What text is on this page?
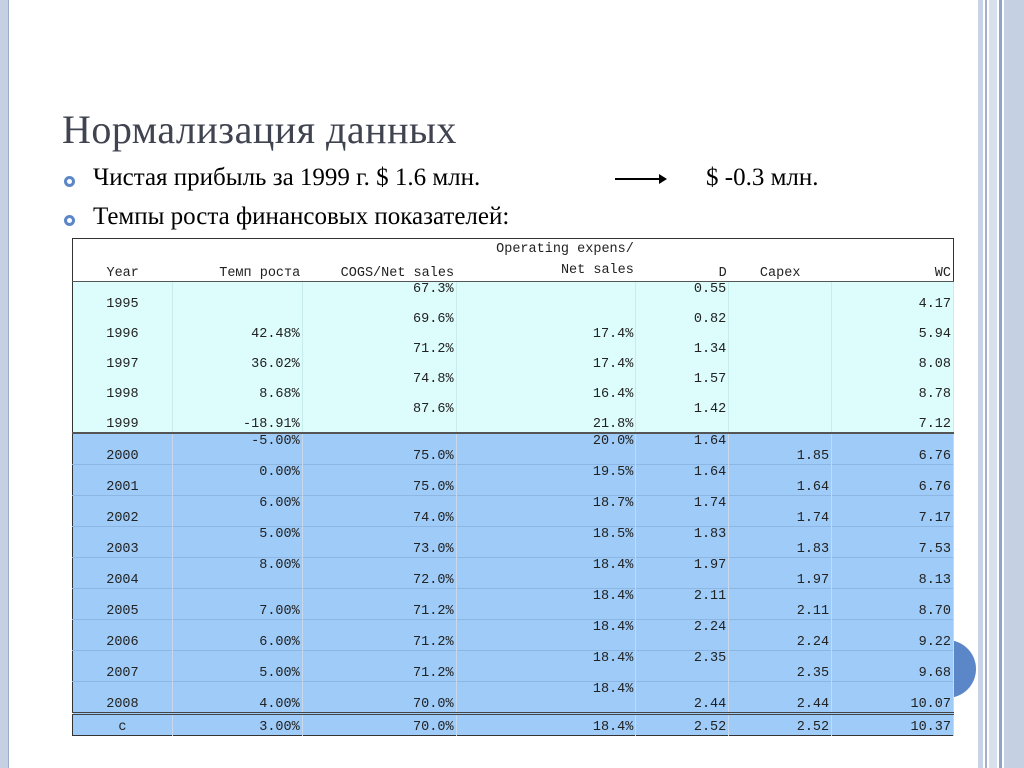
Нормализация данных
Чистая прибыль за 1999 г. $ 1.6 млн.	$ -0.3 млн.
Темпы роста финансовых показателей:
Year	Темп роста	COGS/Net sales	Operating expens/
Net sales	D	Capex	WC
1995		67.3%		0.55		4.17
1996	42.48%	69.6%	17.4%	0.82		5.94
1997	36.02%	71.2%	17.4%	1.34		8.08
1998	8.68%	74.8%	16.4%	1.57		8.78
1999	-18.91%	87.6%	21.8%	1.42		7.12
2000	-5.00%	75.0%	20.0%	1.64	1.85	6.76
2001	0.00%	75.0%	19.5%	1.64	1.64	6.76
2002	6.00%	74.0%	18.7%	1.74	1.74	7.17
2003	5.00%	73.0%	18.5%	1.83	1.83	7.53
2004	8.00%	72.0%	18.4%	1.97	1.97	8.13
2005	7.00%	71.2%	18.4%	2.11	2.11	8.70
2006	6.00%	71.2%	18.4%	2.24	2.24	9.22
2007	5.00%	71.2%	18.4%	2.35	2.35	9.68
2008	4.00%	70.0%	18.4%	2.44	2.44	10.07
c	3.00%	70.0%	18.4%	2.52	2.52	10.37
